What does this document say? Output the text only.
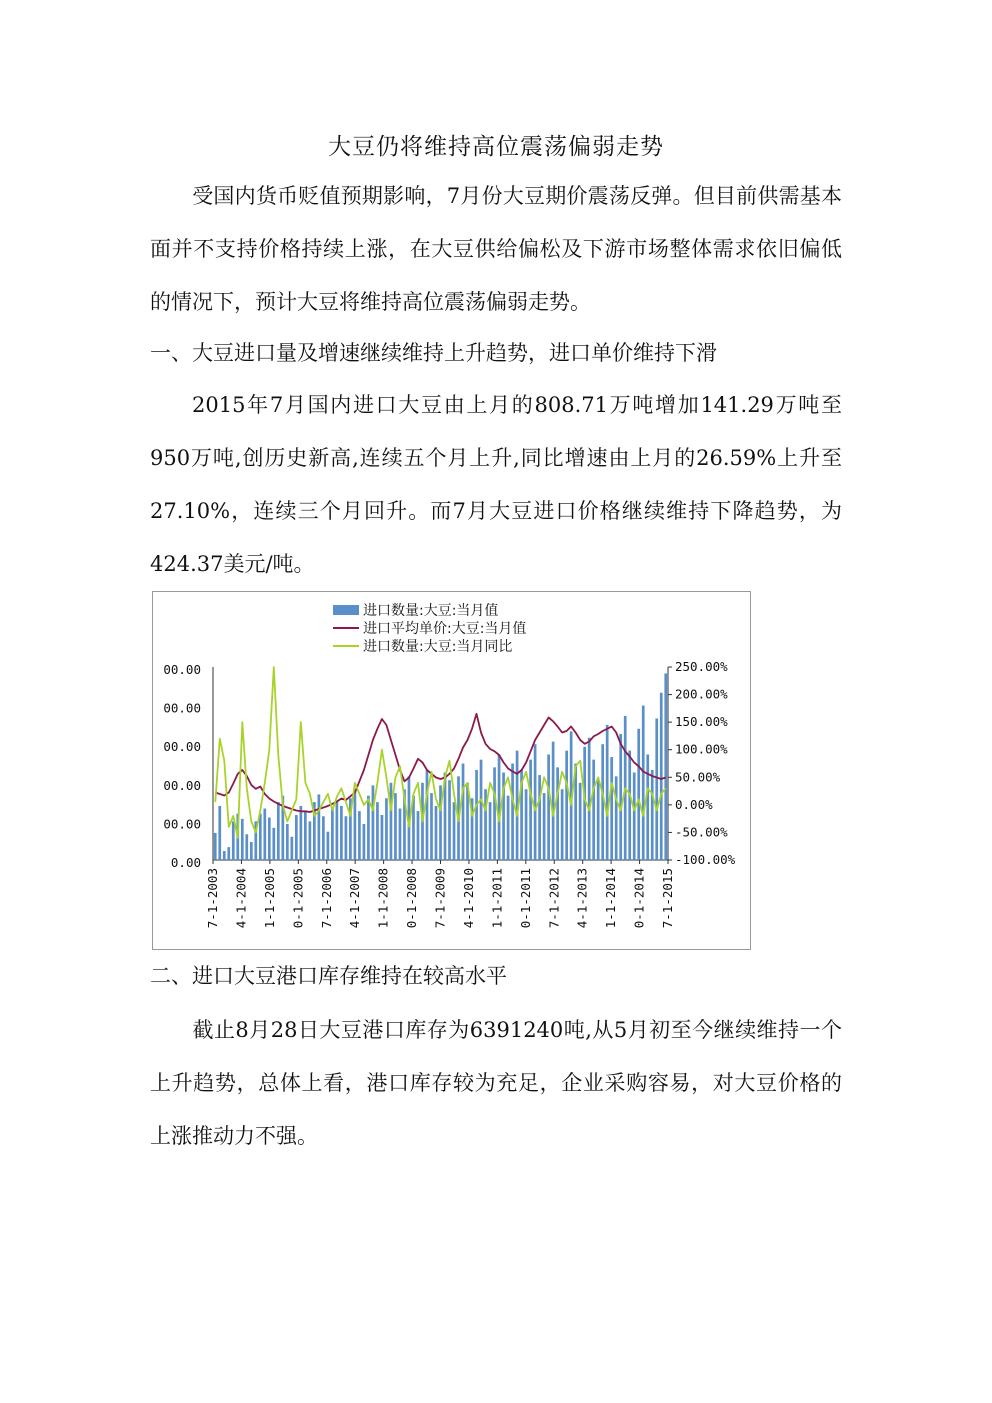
大豆仍将维持高位震荡偏弱走势

受国内货币贬值预期影响，7月份大豆期价震荡反弹。但目前供需基本面并不支持价格持续上涨，在大豆供给偏松及下游市场整体需求依旧偏低的情况下，预计大豆将维持高位震荡偏弱走势。

一、大豆进口量及增速继续维持上升趋势，进口单价维持下滑

2015年7月国内进口大豆由上月的808.71万吨增加141.29万吨至950万吨,创历史新高,连续五个月上升,同比增速由上月的26.59%上升至27.10%，连续三个月回升。而7月大豆进口价格继续维持下降趋势，为424.37美元/吨。

进口数量:大豆:当月值
进口平均单价:大豆:当月值
进口数量:大豆:当月同比
00.00
00.00
00.00
00.00
00.00
0.00
250.00%
200.00%
150.00%
100.00%
50.00%
0.00%
-50.00%
-100.00%
7-1-2003 4-1-2004 1-1-2005 0-1-2005 7-1-2006 4-1-2007 1-1-2008 0-1-2008 7-1-2009 4-1-2010 1-1-2011 0-1-2011 7-1-2012 4-1-2013 1-1-2014 0-1-2014 7-1-2015

二、进口大豆港口库存维持在较高水平

截止8月28日大豆港口库存为6391240吨,从5月初至今继续维持一个上升趋势，总体上看，港口库存较为充足，企业采购容易，对大豆价格的上涨推动力不强。
